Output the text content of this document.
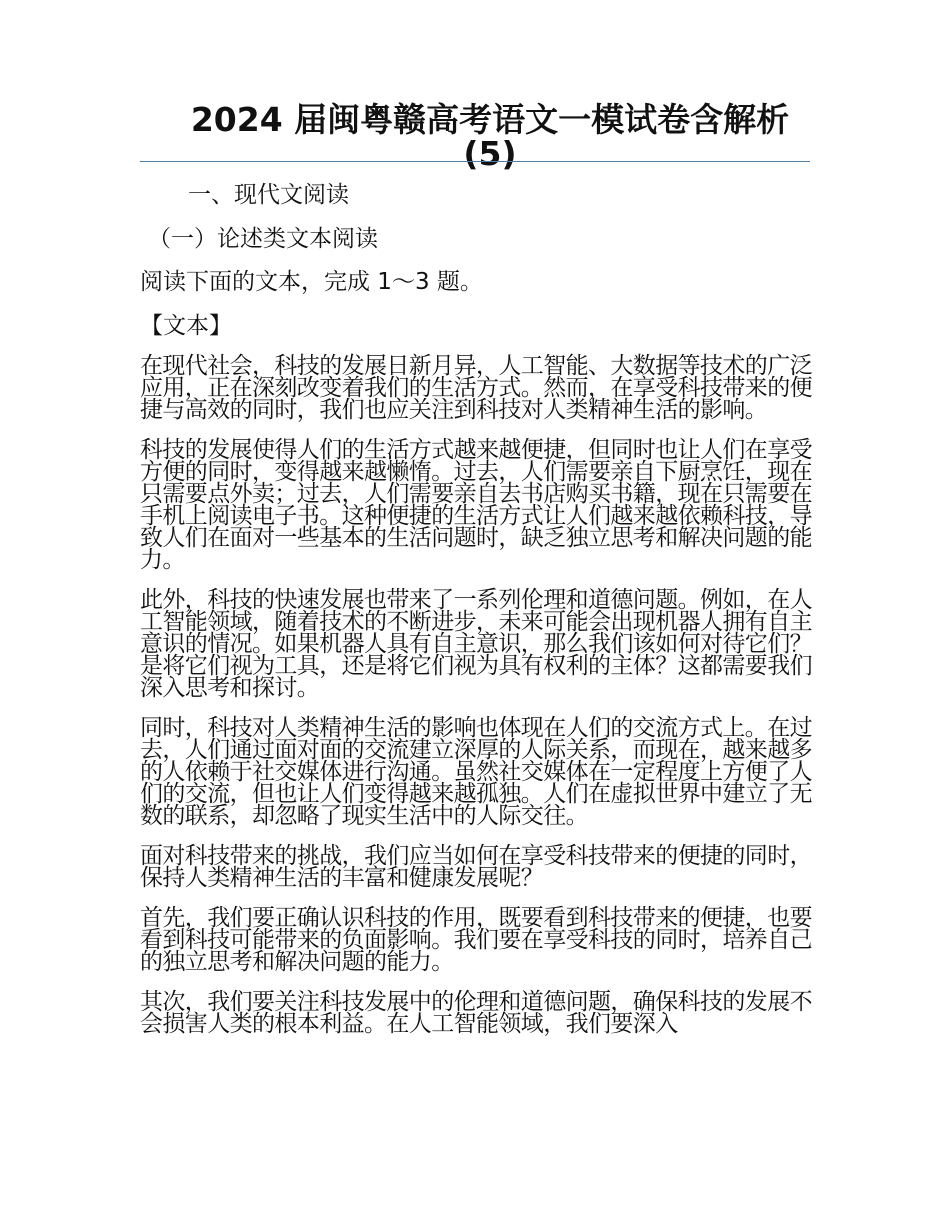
2024 届闽粤赣高考语文一模试卷含解析(5)

一、现代文阅读

（一）论述类文本阅读

阅读下面的文本，完成 1～3 题。

【文本】

在现代社会，科技的发展日新月异，人工智能、大数据等技术的广泛应用，正在深刻改变着我们的生活方式。然而，在享受科技带来的便捷与高效的同时，我们也应关注到科技对人类精神生活的影响。

科技的发展使得人们的生活方式越来越便捷，但同时也让人们在享受方便的同时，变得越来越懒惰。过去，人们需要亲自下厨烹饪，现在只需要点外卖；过去，人们需要亲自去书店购买书籍，现在只需要在手机上阅读电子书。这种便捷的生活方式让人们越来越依赖科技，导致人们在面对一些基本的生活问题时，缺乏独立思考和解决问题的能力。

此外，科技的快速发展也带来了一系列伦理和道德问题。例如，在人工智能领域，随着技术的不断进步，未来可能会出现机器人拥有自主意识的情况。如果机器人具有自主意识，那么我们该如何对待它们？是将它们视为工具，还是将它们视为具有权利的主体？这都需要我们深入思考和探讨。

同时，科技对人类精神生活的影响也体现在人们的交流方式上。在过去，人们通过面对面的交流建立深厚的人际关系，而现在，越来越多的人依赖于社交媒体进行沟通。虽然社交媒体在一定程度上方便了人们的交流，但也让人们变得越来越孤独。人们在虚拟世界中建立了无数的联系，却忽略了现实生活中的人际交往。

面对科技带来的挑战，我们应当如何在享受科技带来的便捷的同时，保持人类精神生活的丰富和健康发展呢？

首先，我们要正确认识科技的作用，既要看到科技带来的便捷，也要看到科技可能带来的负面影响。我们要在享受科技的同时，培养自己的独立思考和解决问题的能力。

其次，我们要关注科技发展中的伦理和道德问题，确保科技的发展不会损害人类的根本利益。在人工智能领域，我们要深入
